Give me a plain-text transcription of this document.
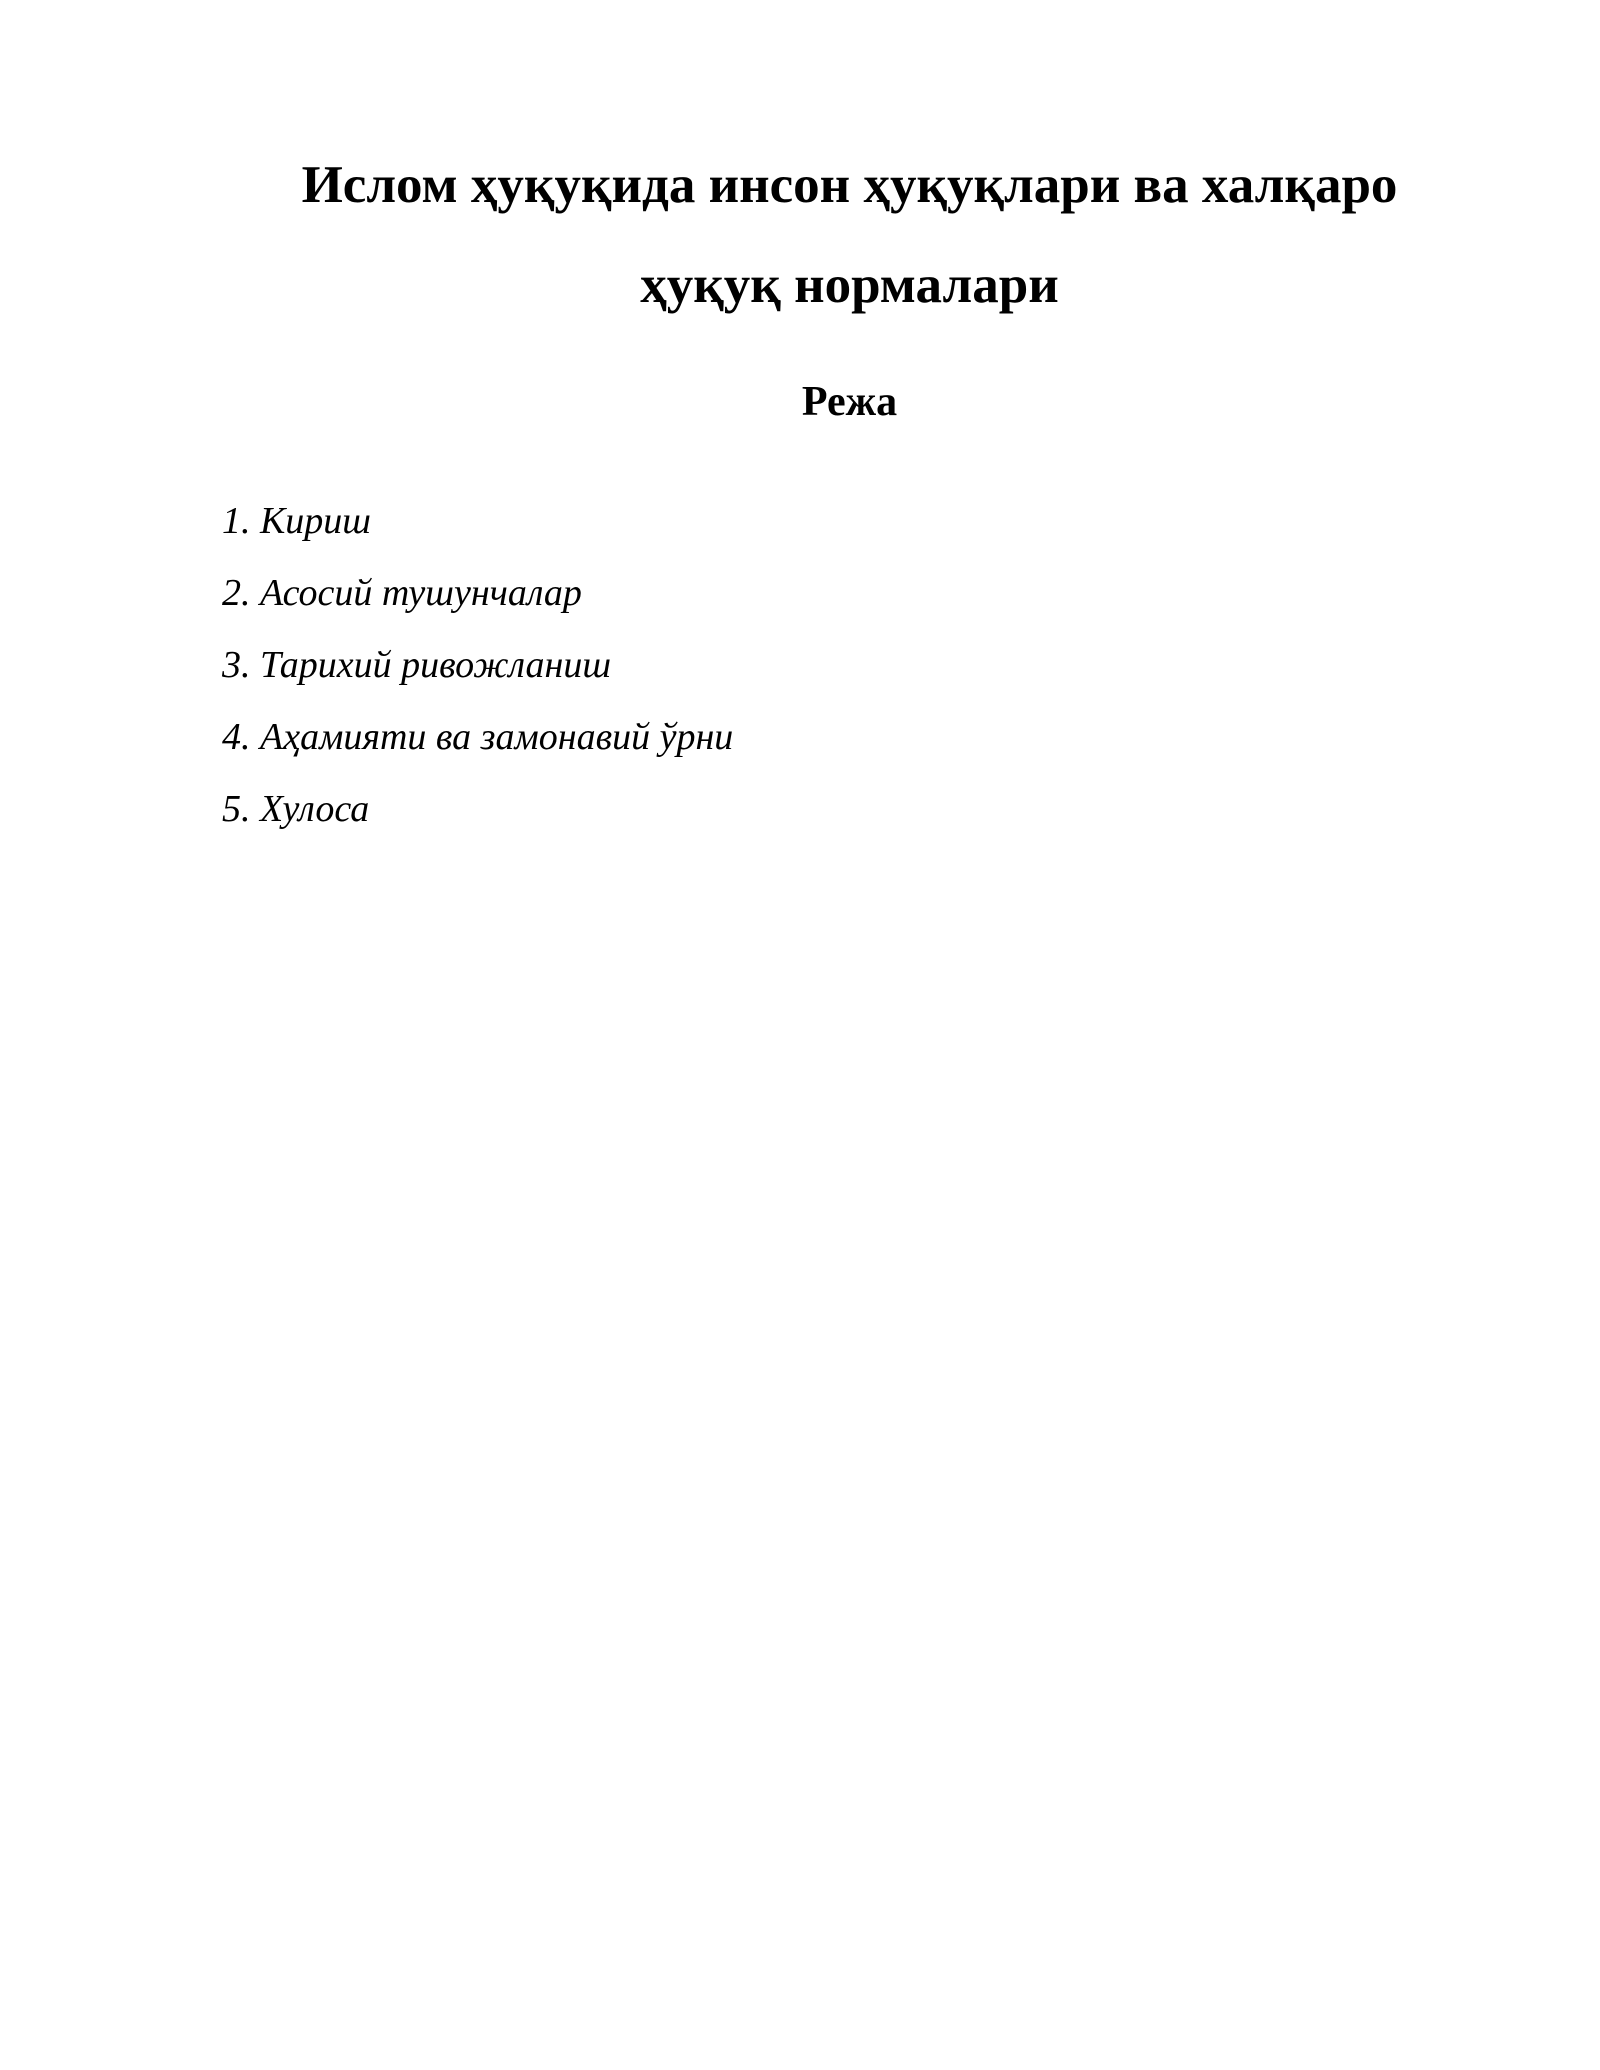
Ислом ҳуқуқида инсон ҳуқуқлари ва халқаро
ҳуқуқ нормалари
Режа
1. Кириш
2. Асосий тушунчалар
3. Тарихий ривожланиш
4. Аҳамияти ва замонавий ўрни
5. Хулоса
